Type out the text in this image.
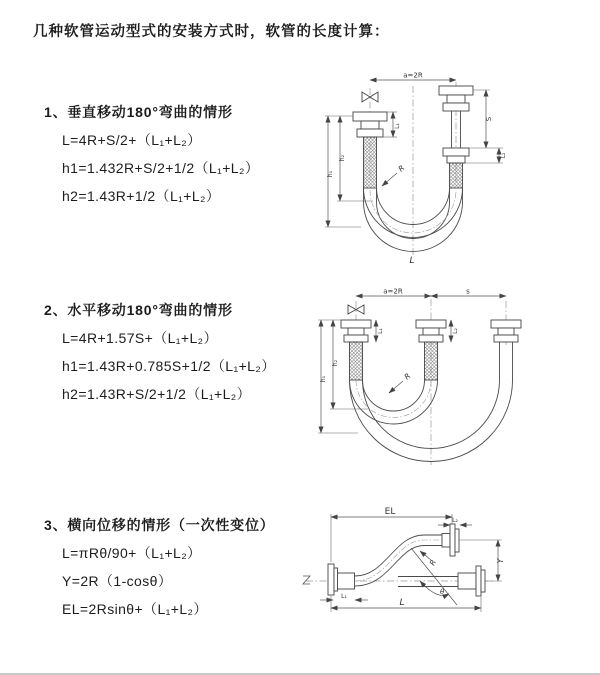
几种软管运动型式的安装方式时，软管的长度计算：
1、垂直移动180°弯曲的情形
L=4R+S/2+（L₁+L₂）
h1=1.432R+S/2+1/2（L₁+L₂）
h2=1.43R+1/2（L₁+L₂）
a=2R
L₁
S
L₂
h₂
h₁
R
L
2、水平移动180°弯曲的情形
L=4R+1.57S+（L₁+L₂）
h1=1.43R+0.785S+1/2（L₁+L₂）
h2=1.43R+S/2+1/2（L₁+L₂）
a=2R	s
L₁	L₂
h₂
h₁	R
3、横向位移的情形（一次性变位）
L=πRθ/90+（L₁+L₂）
Y=2R（1-cosθ）
EL=2Rsinθ+（L₁+L₂）
EL
L₂
Y
θ
R
L₁
L
